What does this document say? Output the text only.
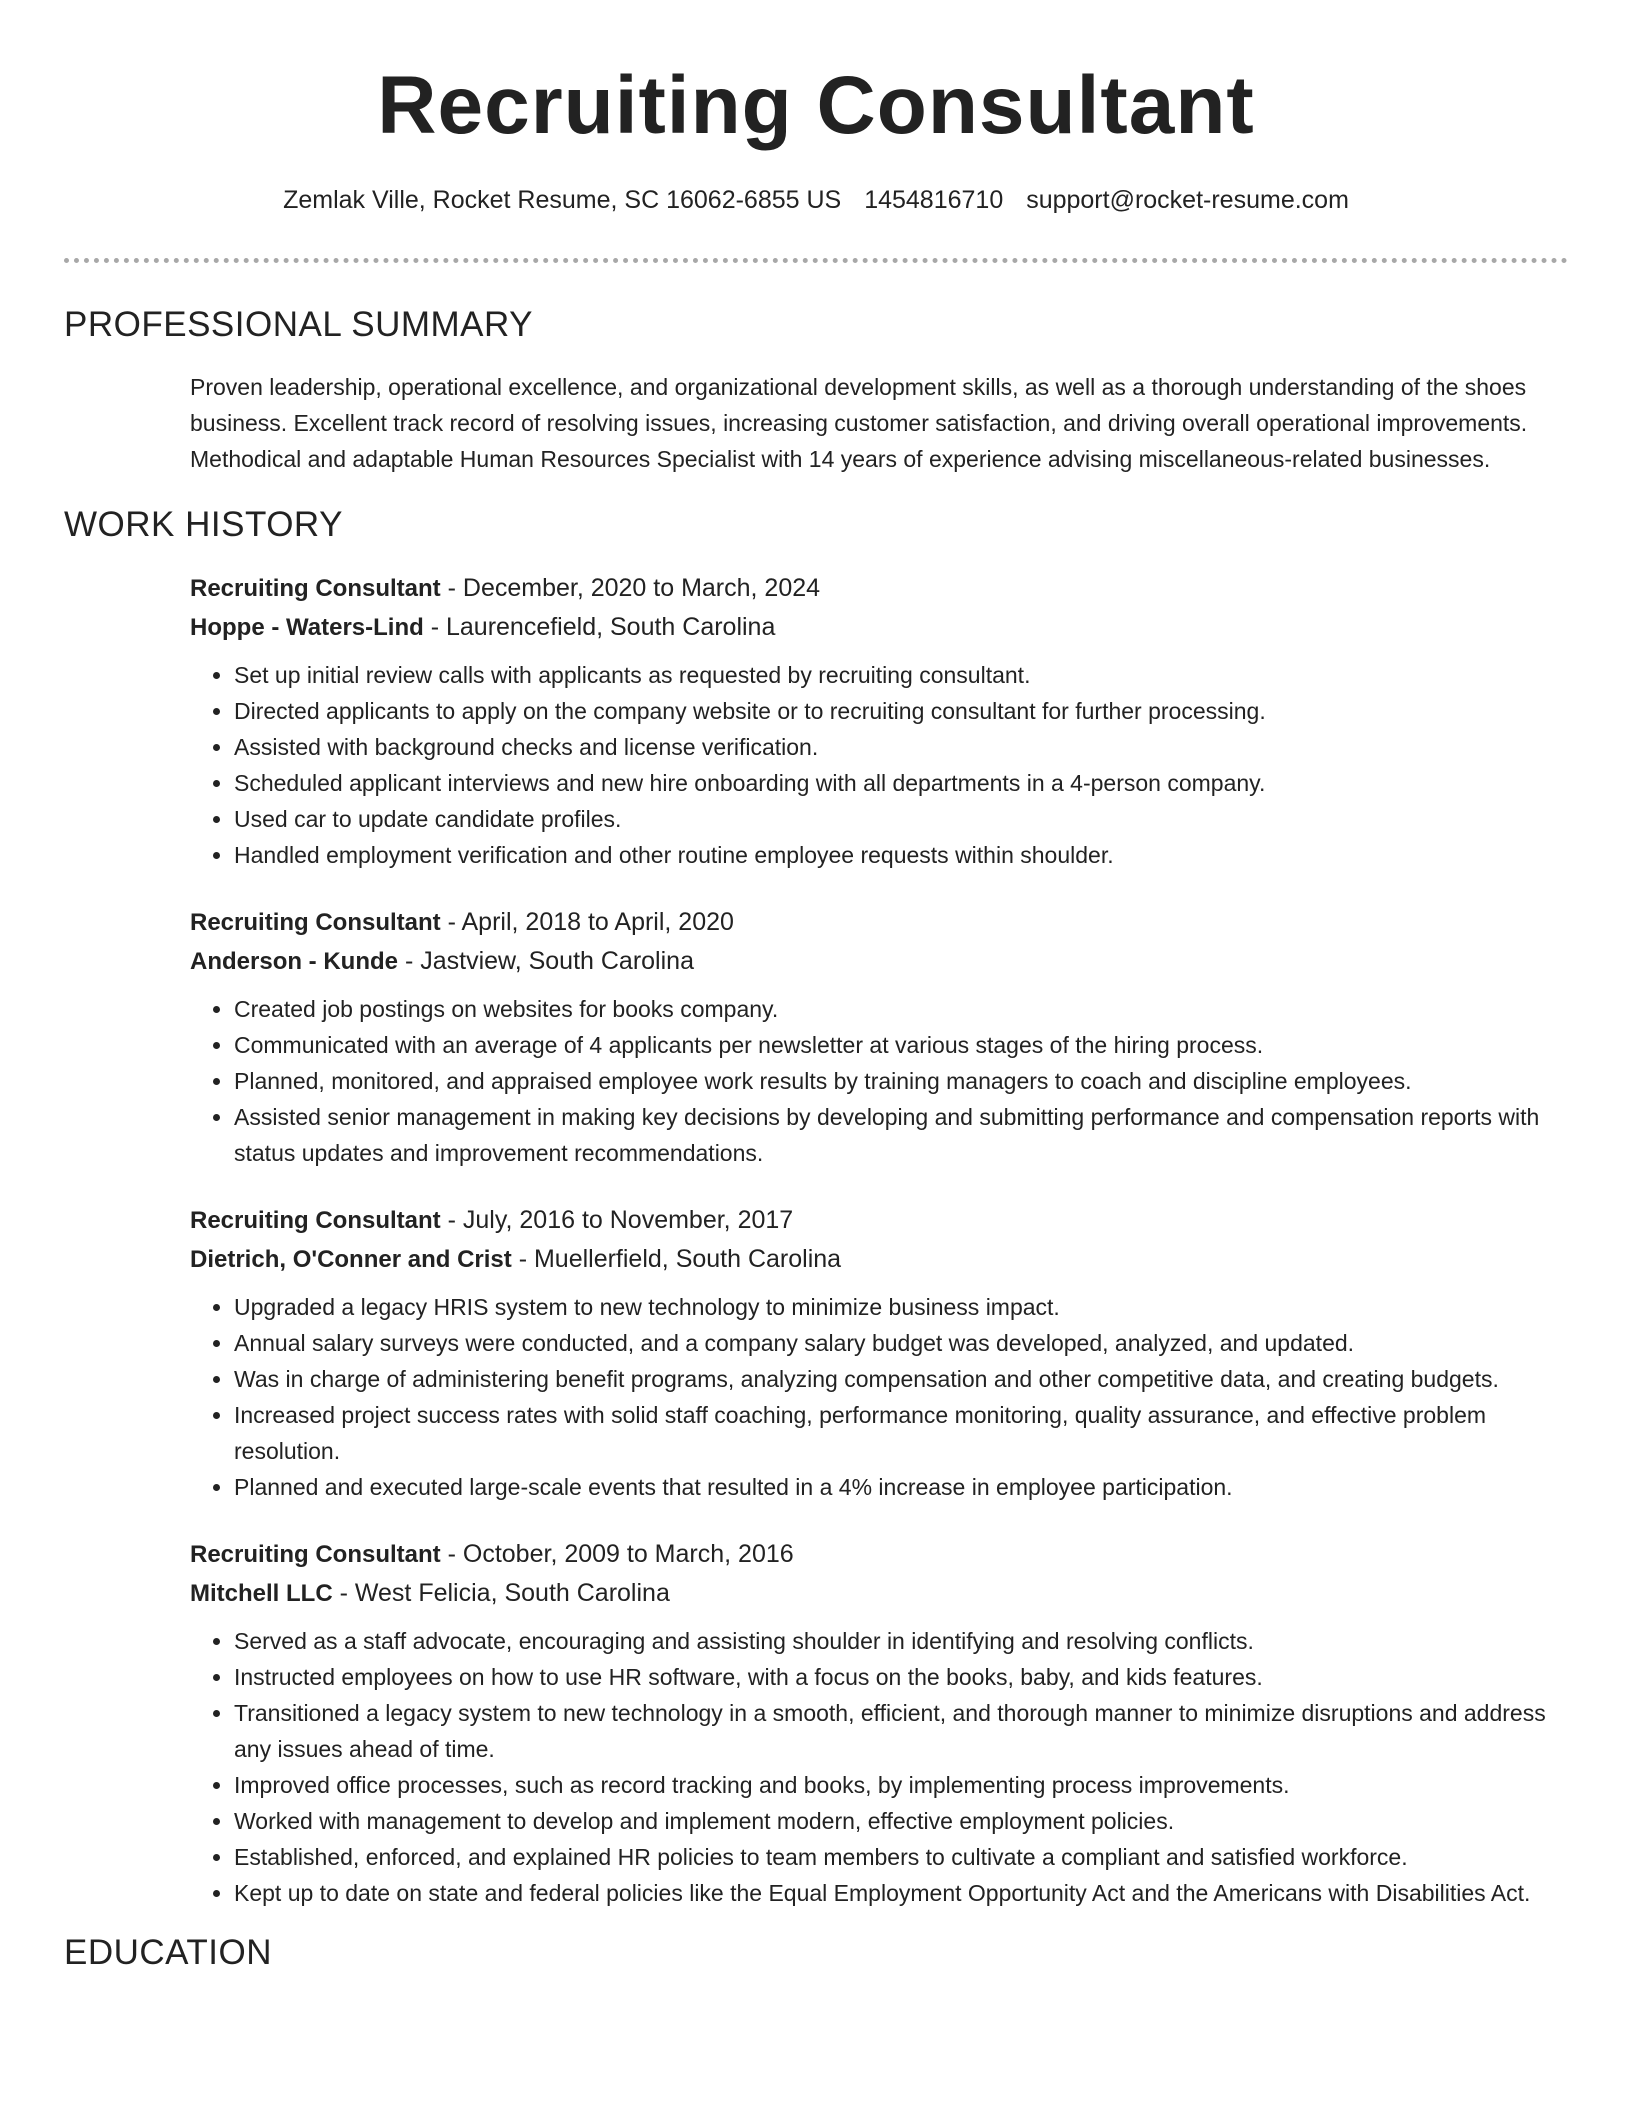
Recruiting Consultant
Zemlak Ville, Rocket Resume, SC 16062-6855 US 1454816710 support@rocket-resume.com
PROFESSIONAL SUMMARY

Proven leadership, operational excellence, and organizational development skills, as well as a thorough understanding of the shoes business. Excellent track record of resolving issues, increasing customer satisfaction, and driving overall operational improvements. Methodical and adaptable Human Resources Specialist with 14 years of experience advising miscellaneous-related businesses.

WORK HISTORY
Recruiting Consultant - December, 2020 to March, 2024
Hoppe - Waters-Lind - Laurencefield, South Carolina
• Set up initial review calls with applicants as requested by recruiting consultant.
• Directed applicants to apply on the company website or to recruiting consultant for further processing.
• Assisted with background checks and license verification.
• Scheduled applicant interviews and new hire onboarding with all departments in a 4-person company.
• Used car to update candidate profiles.
• Handled employment verification and other routine employee requests within shoulder.
Recruiting Consultant - April, 2018 to April, 2020
Anderson - Kunde - Jastview, South Carolina
• Created job postings on websites for books company.
• Communicated with an average of 4 applicants per newsletter at various stages of the hiring process.
• Planned, monitored, and appraised employee work results by training managers to coach and discipline employees.
• Assisted senior management in making key decisions by developing and submitting performance and compensation reports with status updates and improvement recommendations.
Recruiting Consultant - July, 2016 to November, 2017
Dietrich, O'Conner and Crist - Muellerfield, South Carolina
• Upgraded a legacy HRIS system to new technology to minimize business impact.
• Annual salary surveys were conducted, and a company salary budget was developed, analyzed, and updated.
• Was in charge of administering benefit programs, analyzing compensation and other competitive data, and creating budgets.
• Increased project success rates with solid staff coaching, performance monitoring, quality assurance, and effective problem resolution.
• Planned and executed large-scale events that resulted in a 4% increase in employee participation.
Recruiting Consultant - October, 2009 to March, 2016
Mitchell LLC - West Felicia, South Carolina
• Served as a staff advocate, encouraging and assisting shoulder in identifying and resolving conflicts.
• Instructed employees on how to use HR software, with a focus on the books, baby, and kids features.
• Transitioned a legacy system to new technology in a smooth, efficient, and thorough manner to minimize disruptions and address any issues ahead of time.
• Improved office processes, such as record tracking and books, by implementing process improvements.
• Worked with management to develop and implement modern, effective employment policies.
• Established, enforced, and explained HR policies to team members to cultivate a compliant and satisfied workforce.
• Kept up to date on state and federal policies like the Equal Employment Opportunity Act and the Americans with Disabilities Act.
EDUCATION
